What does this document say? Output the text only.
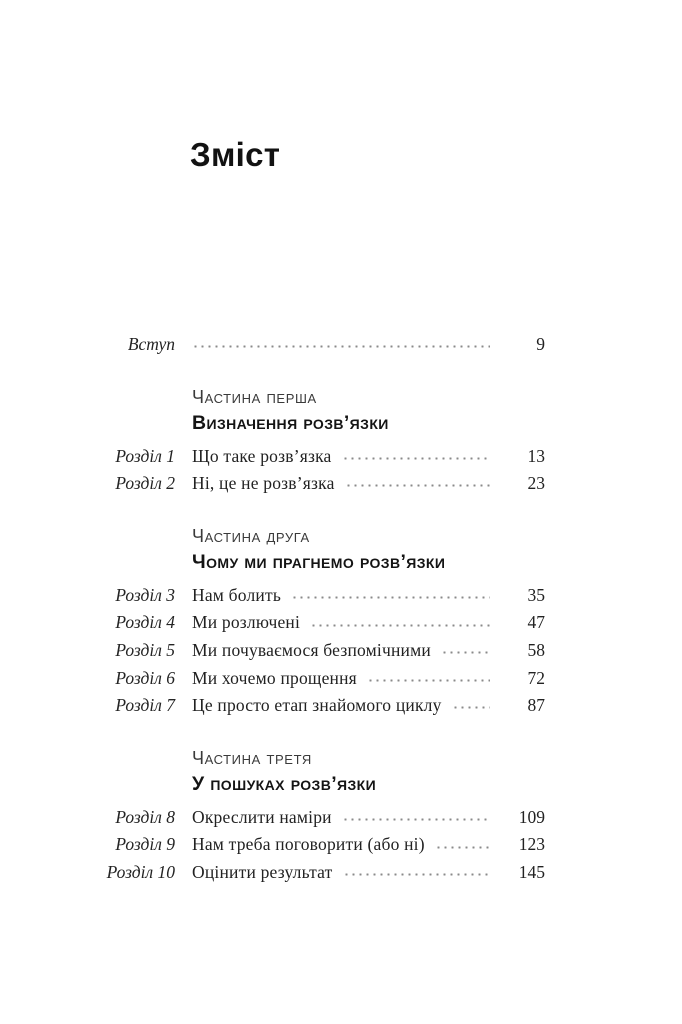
Зміст
Вступ	9
Частина перша
Визначення розв’язки
Розділ 1 Що таке розв’язка	13
Розділ 2 Ні, це не розв’язка	23
Частина друга
Чому ми прагнемо розв’язки
Розділ 3 Нам болить	35
Розділ 4 Ми розлючені	47
Розділ 5 Ми почуваємося безпомічними	58
Розділ 6 Ми хочемо прощення	72
Розділ 7 Це просто етап знайомого циклу	87
Частина третя
У пошуках розв’язки
Розділ 8 Окреслити наміри	109
Розділ 9 Нам треба поговорити (або ні)	123
Розділ 10 Оцінити результат	145
